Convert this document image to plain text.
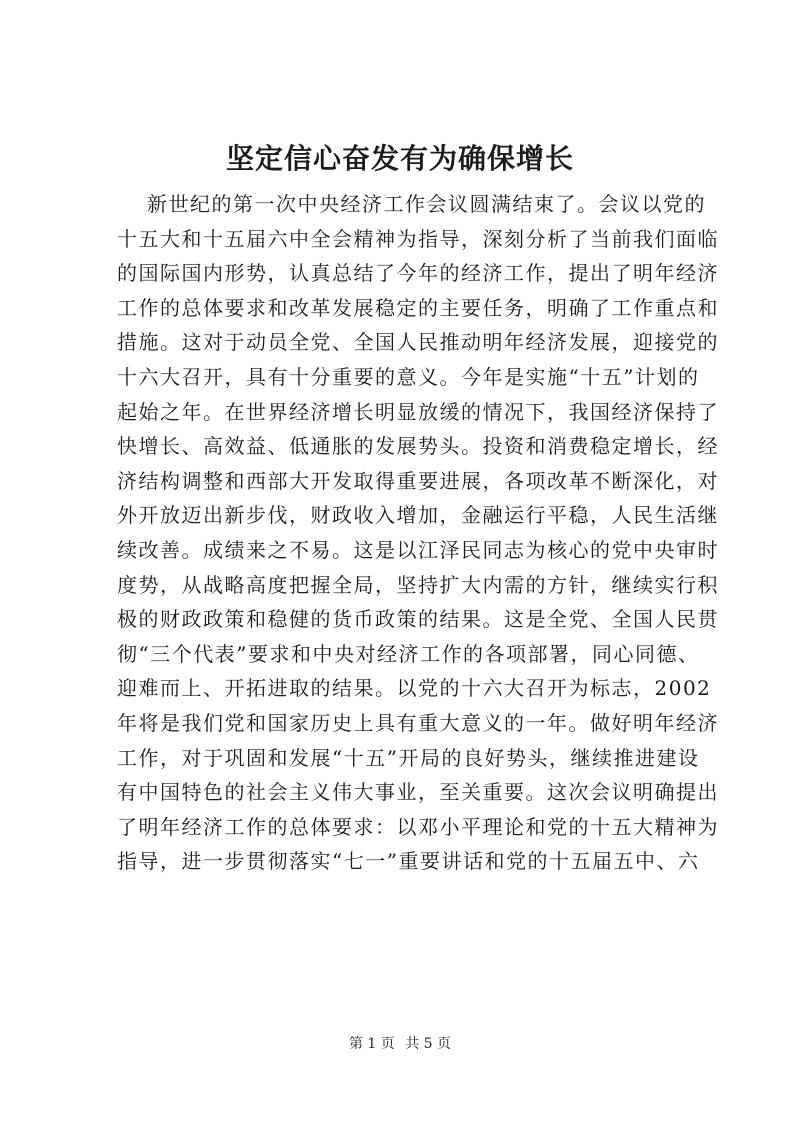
坚定信心奋发有为确保增长
新世纪的第一次中央经济工作会议圆满结束了。会议以党的
十五大和十五届六中全会精神为指导，深刻分析了当前我们面临
的国际国内形势，认真总结了今年的经济工作，提出了明年经济
工作的总体要求和改革发展稳定的主要任务，明确了工作重点和
措施。这对于动员全党、全国人民推动明年经济发展，迎接党的
十六大召开，具有十分重要的意义。今年是实施“十五”计划的
起始之年。在世界经济增长明显放缓的情况下，我国经济保持了
快增长、高效益、低通胀的发展势头。投资和消费稳定增长，经
济结构调整和西部大开发取得重要进展，各项改革不断深化，对
外开放迈出新步伐，财政收入增加，金融运行平稳，人民生活继
续改善。成绩来之不易。这是以江泽民同志为核心的党中央审时
度势，从战略高度把握全局，坚持扩大内需的方针，继续实行积
极的财政政策和稳健的货币政策的结果。这是全党、全国人民贯
彻“三个代表”要求和中央对经济工作的各项部署，同心同德、
迎难而上、开拓进取的结果。以党的十六大召开为标志，2002
年将是我们党和国家历史上具有重大意义的一年。做好明年经济
工作，对于巩固和发展“十五”开局的良好势头，继续推进建设
有中国特色的社会主义伟大事业，至关重要。这次会议明确提出
了明年经济工作的总体要求：以邓小平理论和党的十五大精神为
指导，进一步贯彻落实“七一”重要讲话和党的十五届五中、六
第 1 页 共 5 页
